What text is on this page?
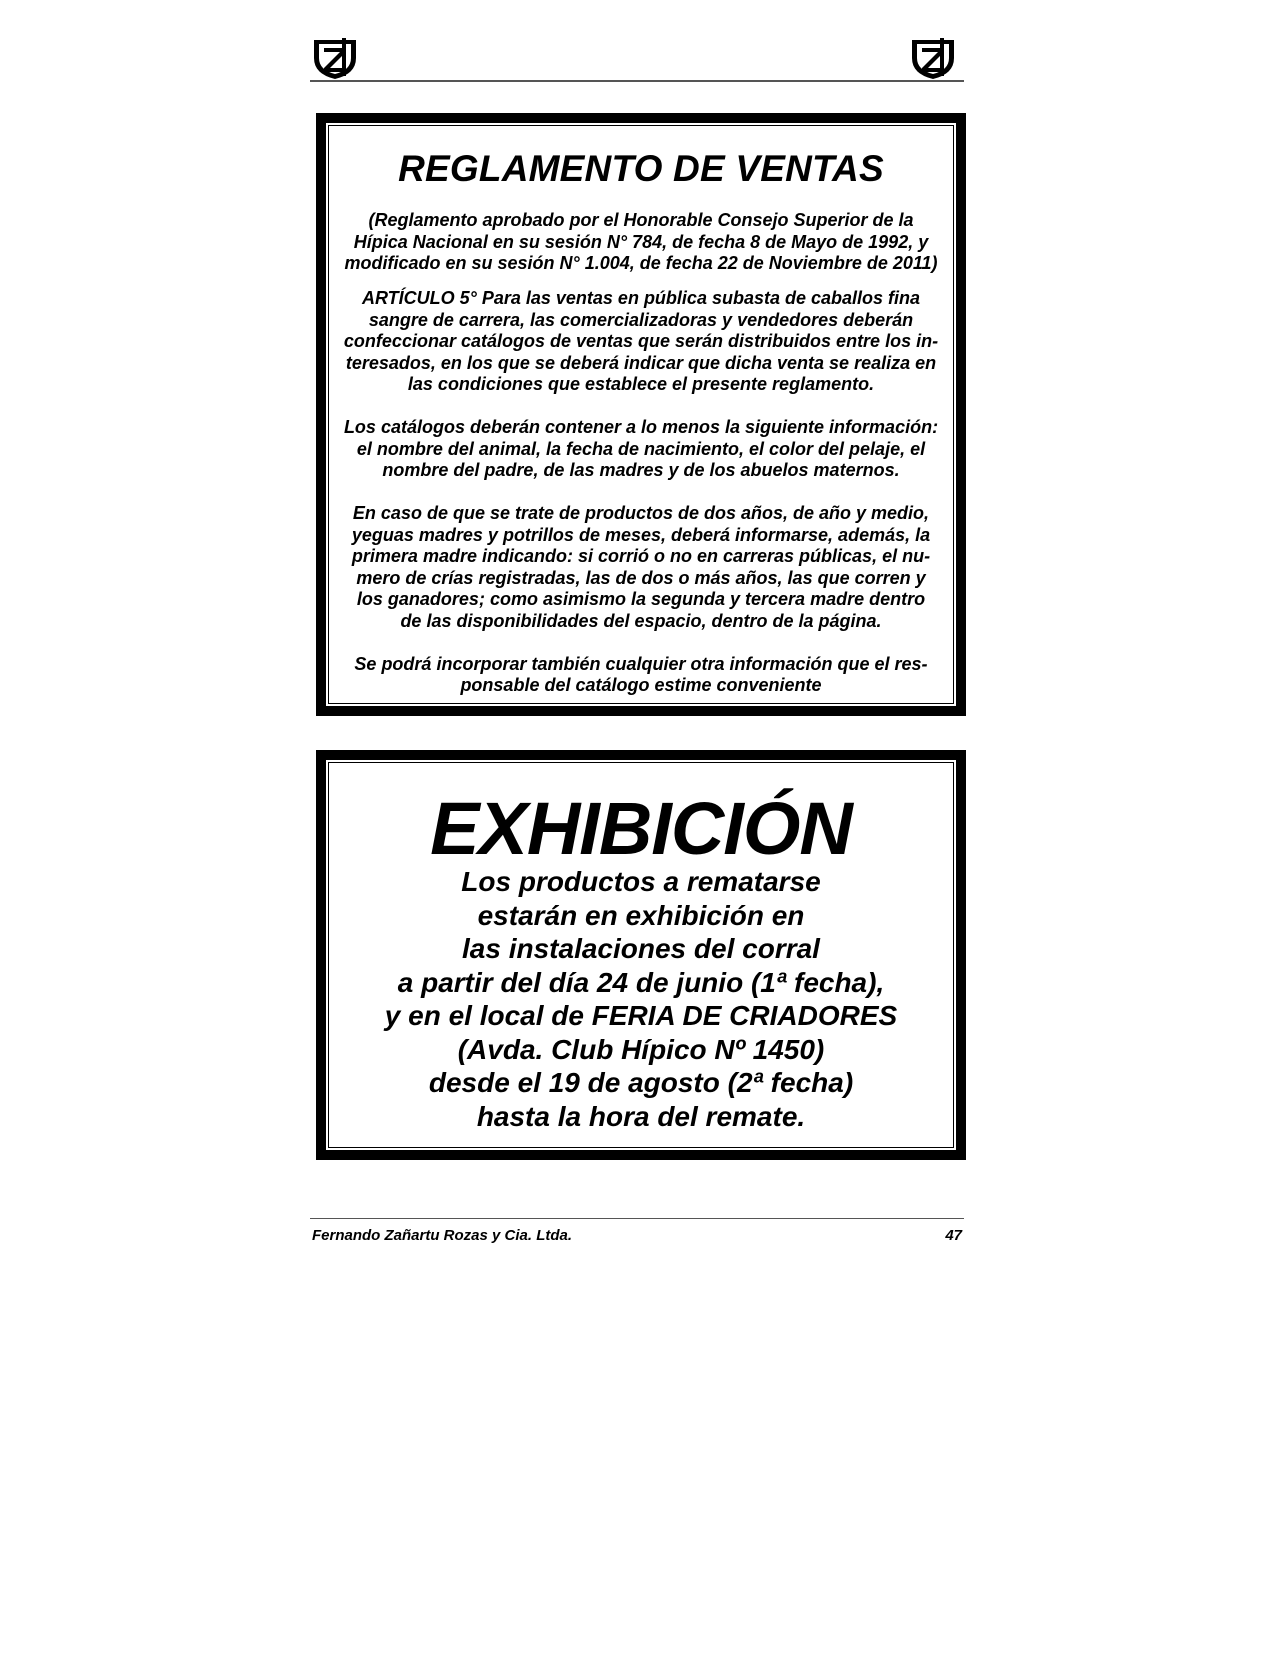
REGLAMENTO DE VENTAS
(Reglamento aprobado por el Honorable Consejo Superior de la
Hípica Nacional en su sesión N° 784, de fecha 8 de Mayo de 1992, y
modificado en su sesión N° 1.004, de fecha 22 de Noviembre de 2011)

ARTÍCULO 5° Para las ventas en pública subasta de caballos fina
sangre de carrera, las comercializadoras y vendedores deberán
confeccionar catálogos de ventas que serán distribuidos entre los in-
teresados, en los que se deberá indicar que dicha venta se realiza en
las condiciones que establece el presente reglamento.

Los catálogos deberán contener a lo menos la siguiente información:
el nombre del animal, la fecha de nacimiento, el color del pelaje, el
nombre del padre, de las madres y de los abuelos maternos.

En caso de que se trate de productos de dos años, de año y medio,
yeguas madres y potrillos de meses, deberá informarse, además, la
primera madre indicando: si corrió o no en carreras públicas, el nu-
mero de crías registradas, las de dos o más años, las que corren y
los ganadores; como asimismo la segunda y tercera madre dentro
de las disponibilidades del espacio, dentro de la página.

Se podrá incorporar también cualquier otra información que el res-
ponsable del catálogo estime conveniente

EXHIBICIÓN
Los productos a rematarse
estarán en exhibición en
las instalaciones del corral
a partir del día 24 de junio (1ª fecha),
y en el local de FERIA DE CRIADORES
(Avda. Club Hípico Nº 1450)
desde el 19 de agosto (2ª fecha)
hasta la hora del remate.
Fernando Zañartu Rozas y Cia. Ltda.	47
